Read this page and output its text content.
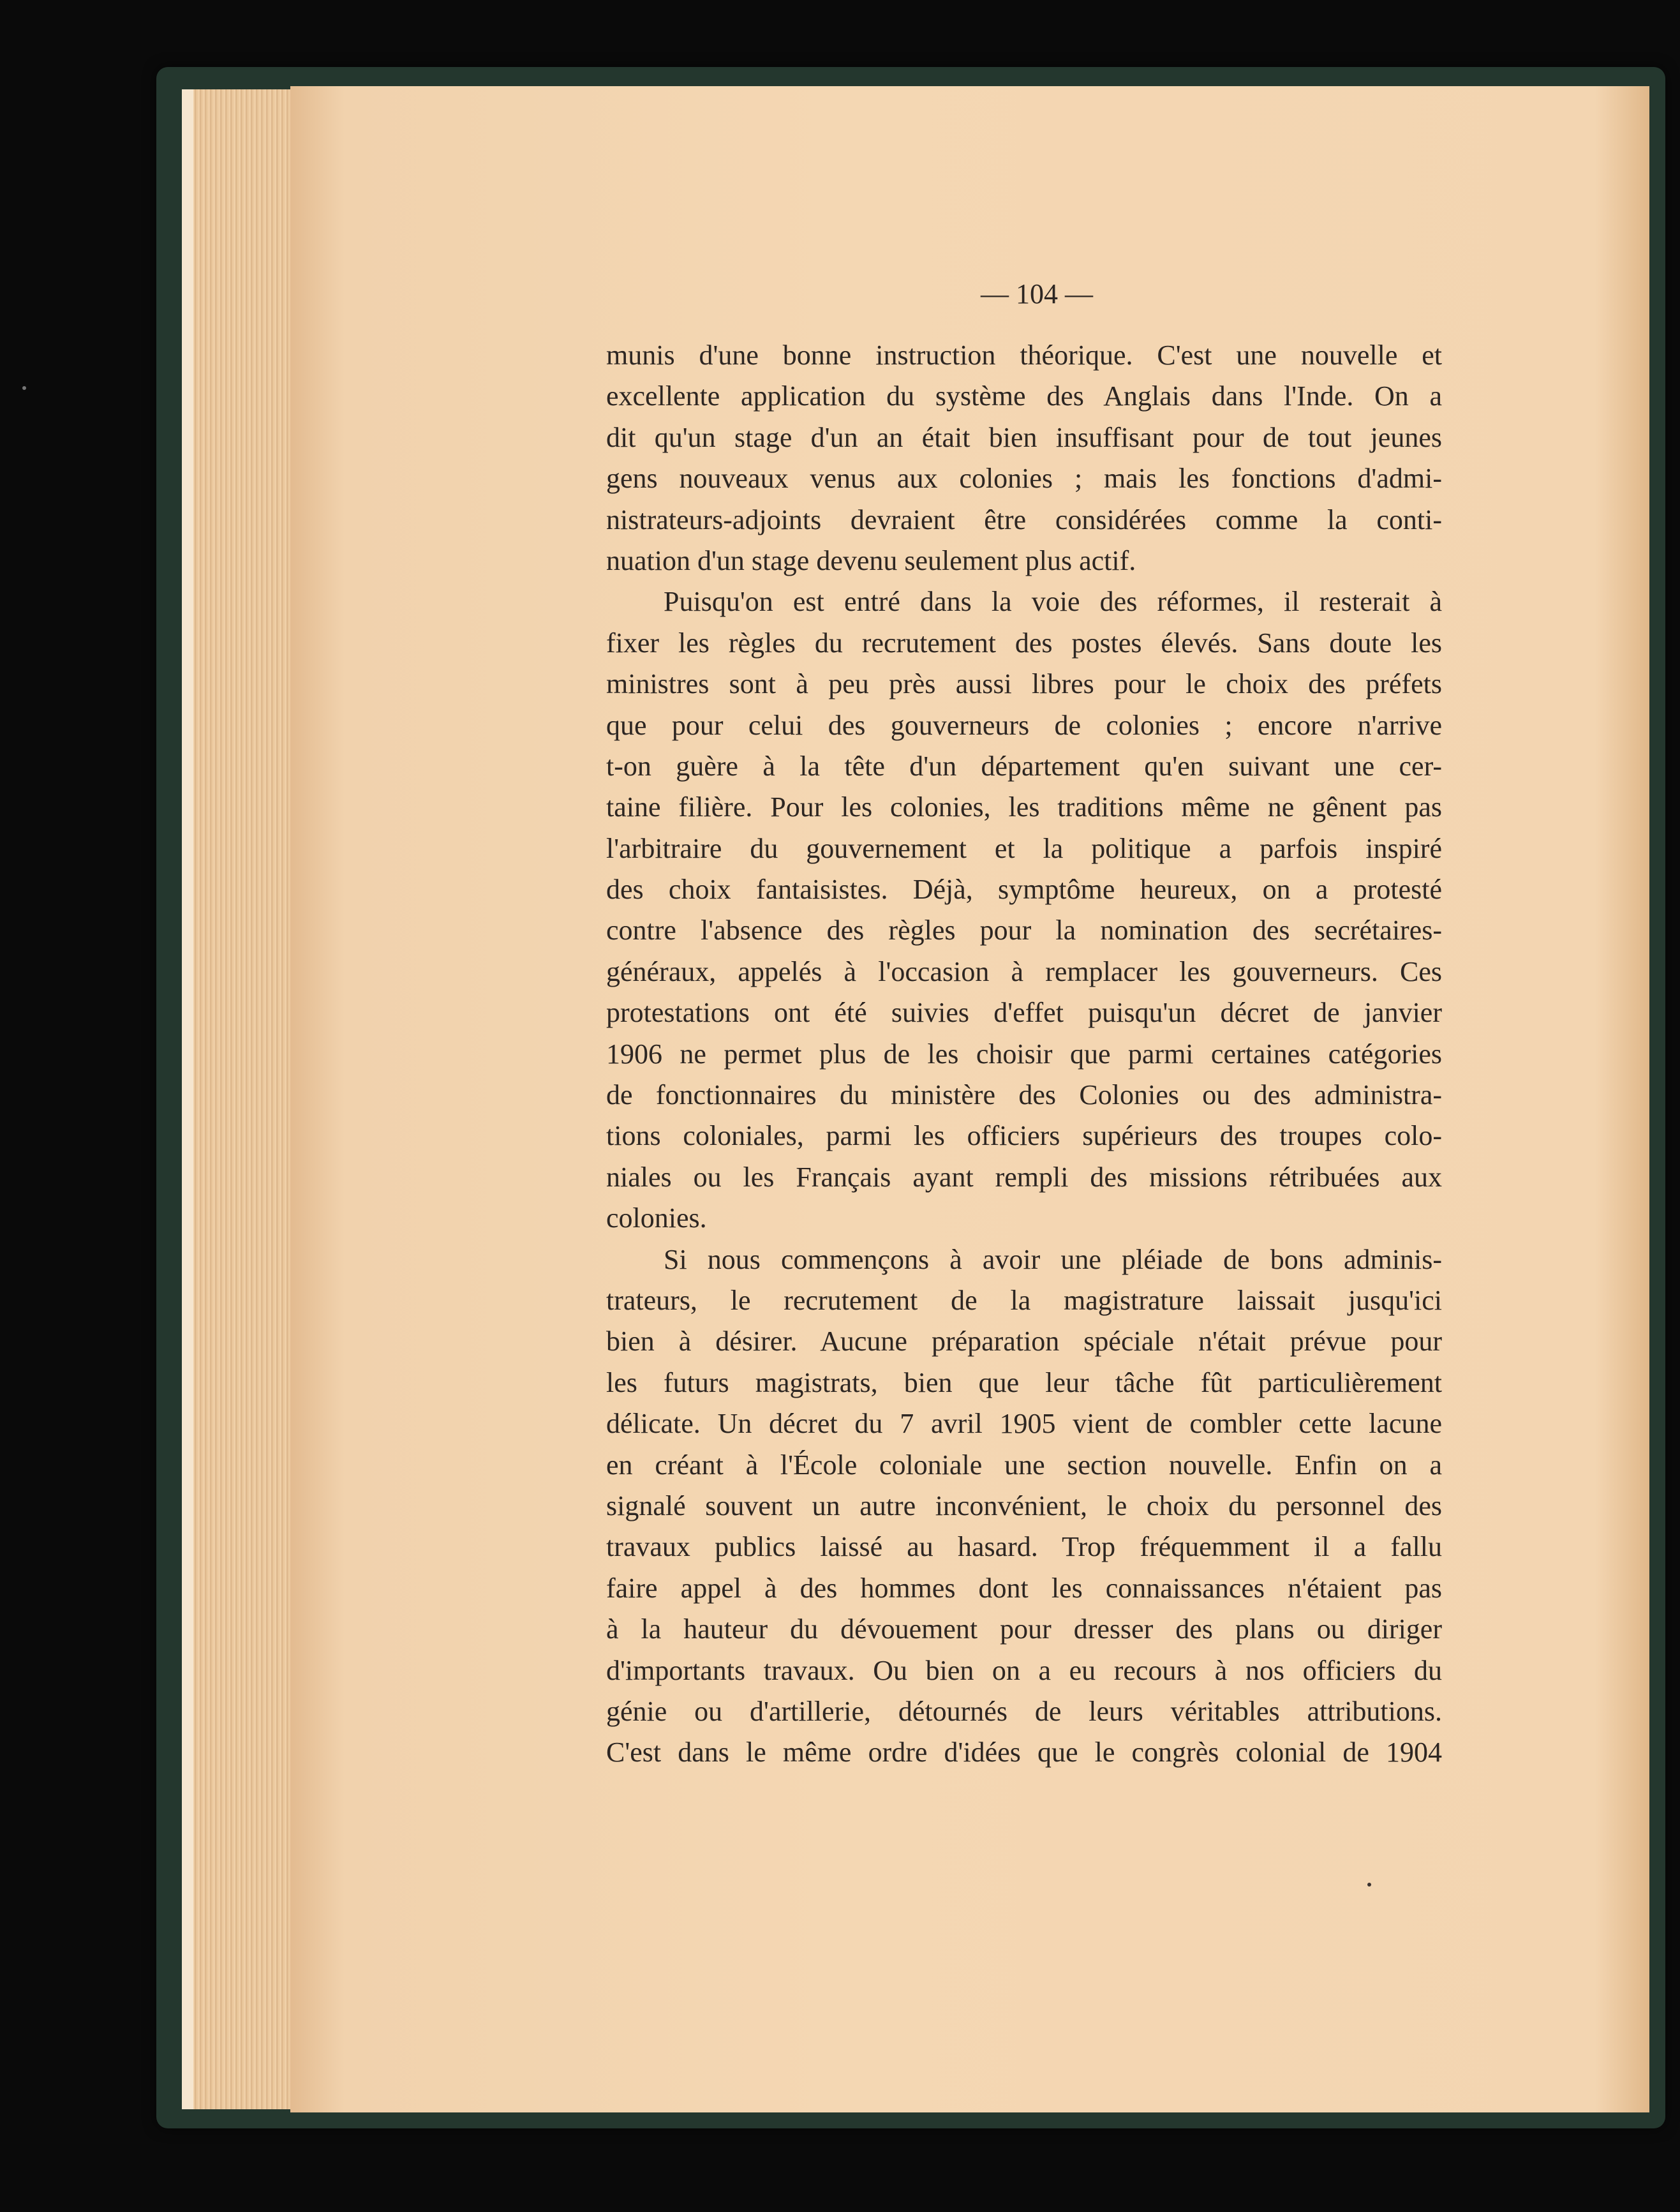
— 104 —
munis d'une bonne instruction théorique. C'est une nouvelle et
excellente application du système des Anglais dans l'Inde. On a
dit qu'un stage d'un an était bien insuffisant pour de tout jeunes
gens nouveaux venus aux colonies ; mais les fonctions d'admi-
nistrateurs-adjoints devraient être considérées comme la conti-
nuation d'un stage devenu seulement plus actif.
Puisqu'on est entré dans la voie des réformes, il resterait à
fixer les règles du recrutement des postes élevés. Sans doute les
ministres sont à peu près aussi libres pour le choix des préfets
que pour celui des gouverneurs de colonies ; encore n'arrive
t-on guère à la tête d'un département qu'en suivant une cer-
taine filière. Pour les colonies, les traditions même ne gênent pas
l'arbitraire du gouvernement et la politique a parfois inspiré
des choix fantaisistes. Déjà, symptôme heureux, on a protesté
contre l'absence des règles pour la nomination des secrétaires-
généraux, appelés à l'occasion à remplacer les gouverneurs. Ces
protestations ont été suivies d'effet puisqu'un décret de janvier
1906 ne permet plus de les choisir que parmi certaines catégories
de fonctionnaires du ministère des Colonies ou des administra-
tions coloniales, parmi les officiers supérieurs des troupes colo-
niales ou les Français ayant rempli des missions rétribuées aux
colonies.
Si nous commençons à avoir une pléiade de bons adminis-
trateurs, le recrutement de la magistrature laissait jusqu'ici
bien à désirer. Aucune préparation spéciale n'était prévue pour
les futurs magistrats, bien que leur tâche fût particulièrement
délicate. Un décret du 7 avril 1905 vient de combler cette lacune
en créant à l'École coloniale une section nouvelle. Enfin on a
signalé souvent un autre inconvénient, le choix du personnel des
travaux publics laissé au hasard. Trop fréquemment il a fallu
faire appel à des hommes dont les connaissances n'étaient pas
à la hauteur du dévouement pour dresser des plans ou diriger
d'importants travaux. Ou bien on a eu recours à nos officiers du
génie ou d'artillerie, détournés de leurs véritables attributions.
C'est dans le même ordre d'idées que le congrès colonial de 1904
